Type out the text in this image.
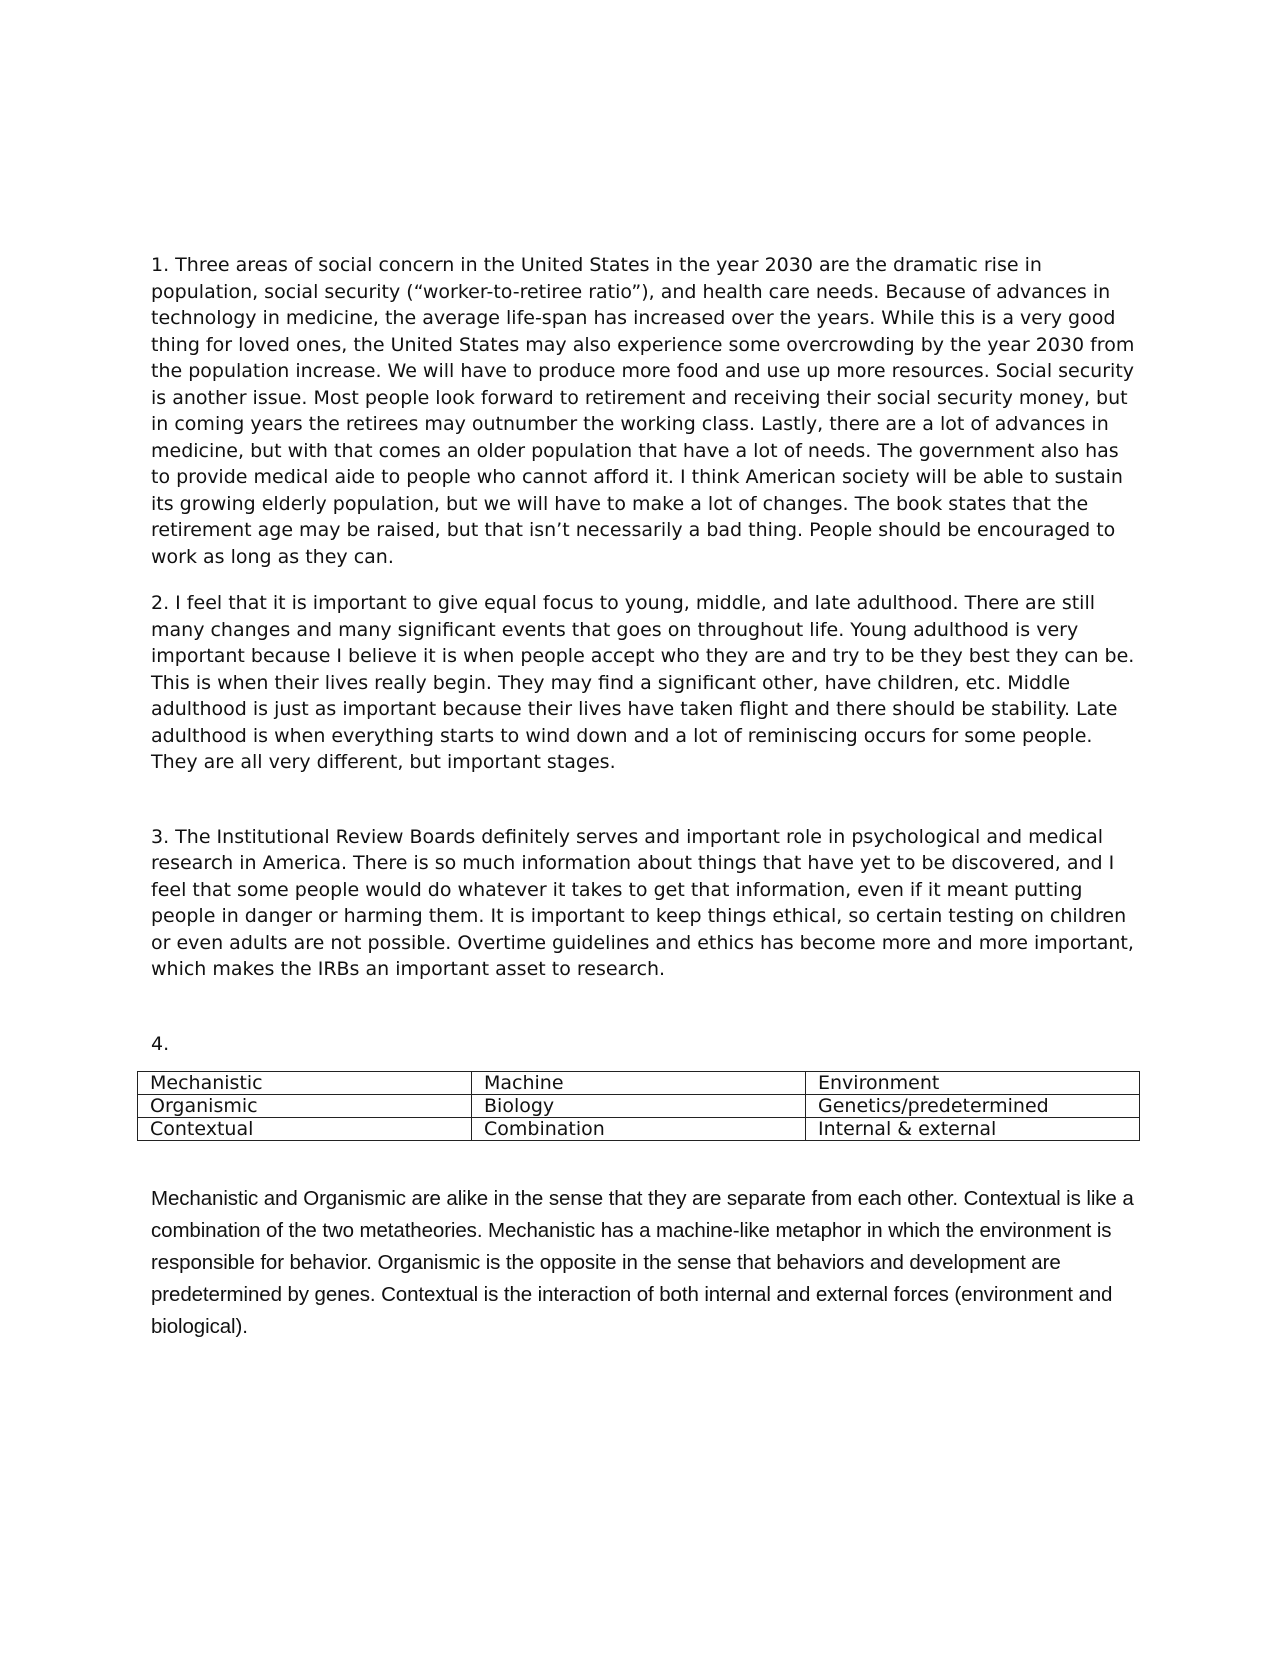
1. Three areas of social concern in the United States in the year 2030 are the dramatic rise in population, social security (“worker-to-retiree ratio”), and health care needs. Because of advances in technology in medicine, the average life-span has increased over the years. While this is a very good thing for loved ones, the United States may also experience some overcrowding by the year 2030 from the population increase. We will have to produce more food and use up more resources. Social security is another issue. Most people look forward to retirement and receiving their social security money, but in coming years the retirees may outnumber the working class. Lastly, there are a lot of advances in medicine, but with that comes an older population that have a lot of needs. The government also has to provide medical aide to people who cannot afford it. I think American society will be able to sustain its growing elderly population, but we will have to make a lot of changes. The book states that the retirement age may be raised, but that isn’t necessarily a bad thing. People should be encouraged to work as long as they can.

2. I feel that it is important to give equal focus to young, middle, and late adulthood. There are still many changes and many significant events that goes on throughout life. Young adulthood is very important because I believe it is when people accept who they are and try to be they best they can be. This is when their lives really begin. They may find a significant other, have children, etc. Middle adulthood is just as important because their lives have taken flight and there should be stability. Late adulthood is when everything starts to wind down and a lot of reminiscing occurs for some people. They are all very different, but important stages.

3. The Institutional Review Boards definitely serves and important role in psychological and medical research in America. There is so much information about things that have yet to be discovered, and I feel that some people would do whatever it takes to get that information, even if it meant putting people in danger or harming them. It is important to keep things ethical, so certain testing on children or even adults are not possible. Overtime guidelines and ethics has become more and more important, which makes the IRBs an important asset to research.

4.

Mechanistic	Machine	Environment
Organismic	Biology	Genetics/predetermined
Contextual	Combination	Internal & external

Mechanistic and Organismic are alike in the sense that they are separate from each other. Contextual is like a combination of the two metatheories. Mechanistic has a machine-like metaphor in which the environment is responsible for behavior. Organismic is the opposite in the sense that behaviors and development are predetermined by genes. Contextual is the interaction of both internal and external forces (environment and biological).
